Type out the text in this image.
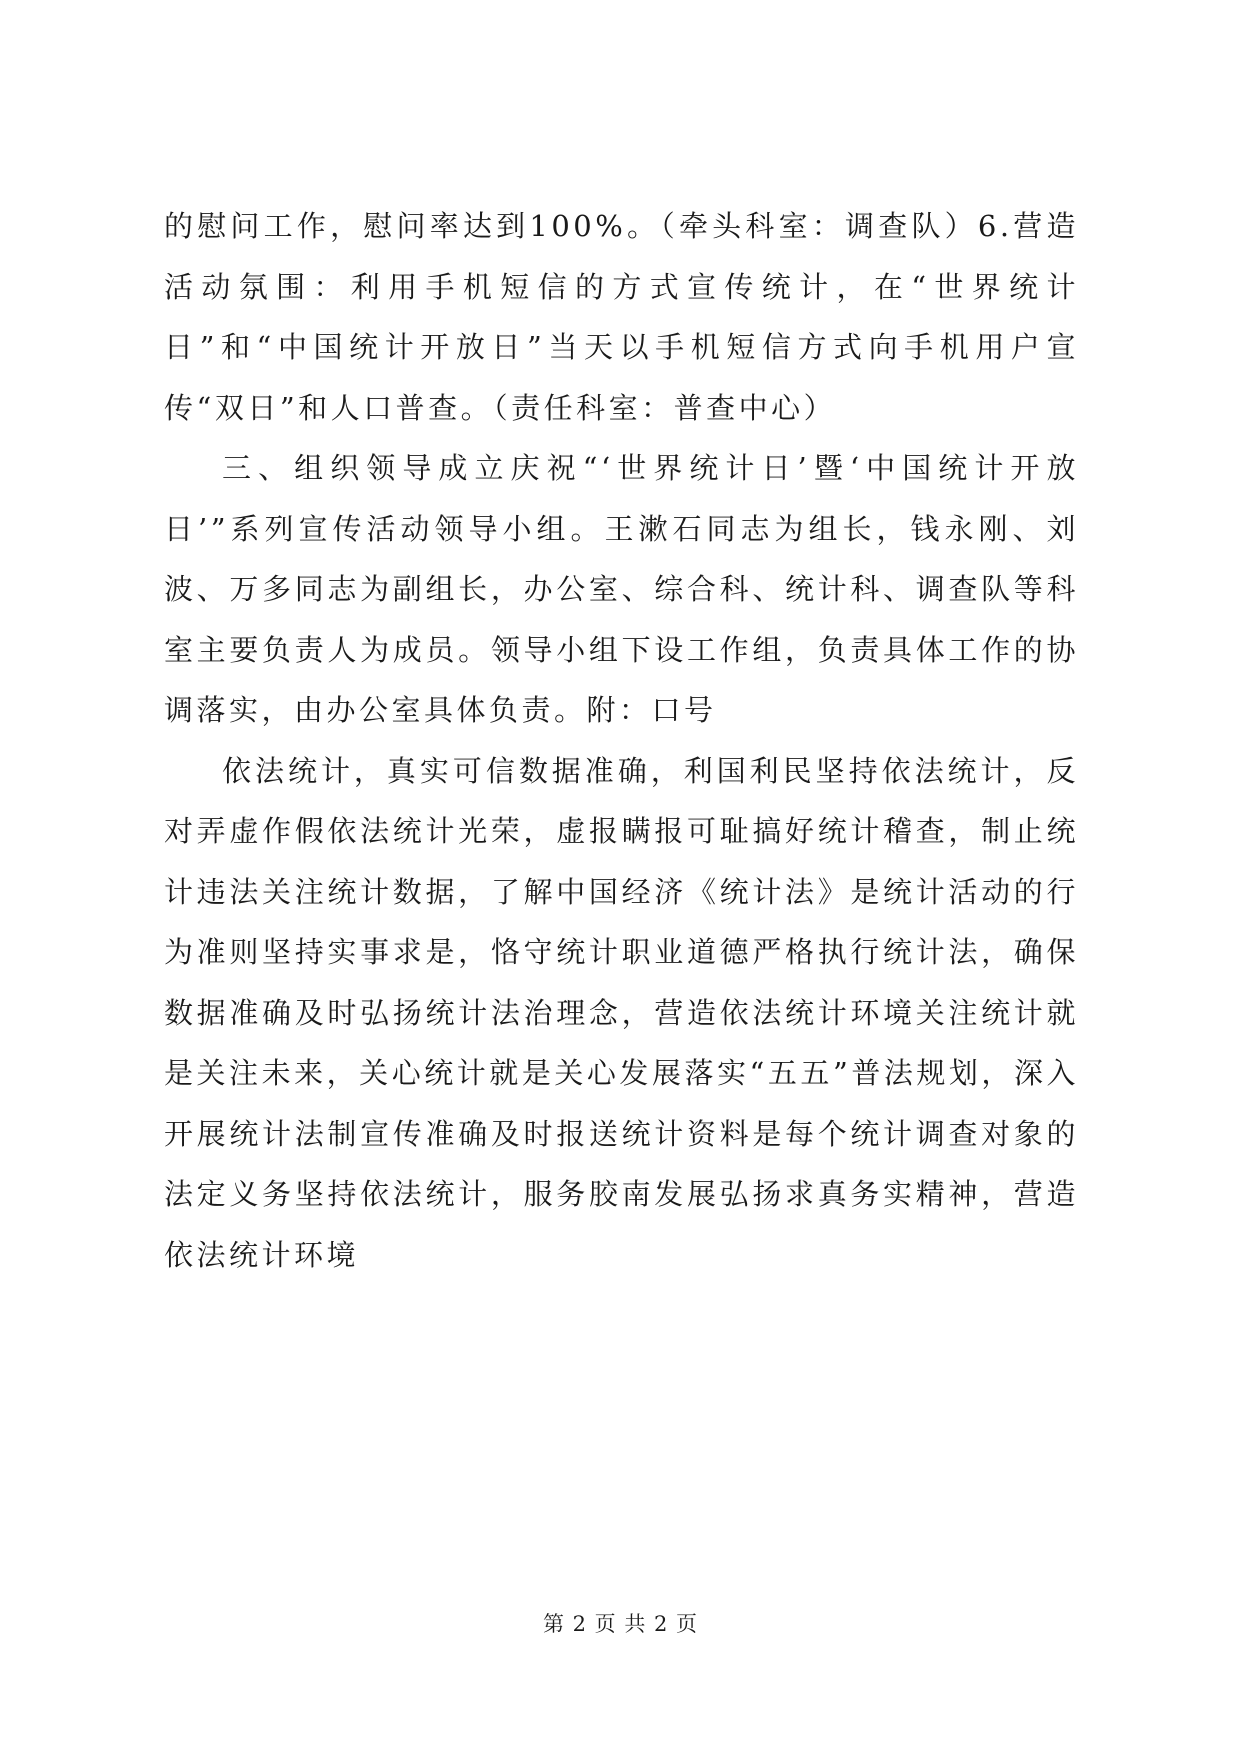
的慰问工作，慰问率达到100%。（牵头科室：调查队）6.营造活动氛围：利用手机短信的方式宣传统计，在“世界统计日”和“中国统计开放日”当天以手机短信方式向手机用户宣传“双日”和人口普查。（责任科室：普查中心）

三、组织领导成立庆祝“‘世界统计日’暨‘中国统计开放日’”系列宣传活动领导小组。王漱石同志为组长，钱永刚、刘波、万多同志为副组长，办公室、综合科、统计科、调查队等科室主要负责人为成员。领导小组下设工作组，负责具体工作的协调落实，由办公室具体负责。附：口号

依法统计，真实可信数据准确，利国利民坚持依法统计，反对弄虚作假依法统计光荣，虚报瞒报可耻搞好统计稽查，制止统计违法关注统计数据，了解中国经济《统计法》是统计活动的行为准则坚持实事求是，恪守统计职业道德严格执行统计法，确保数据准确及时弘扬统计法治理念，营造依法统计环境关注统计就是关注未来，关心统计就是关心发展落实“五五”普法规划，深入开展统计法制宣传准确及时报送统计资料是每个统计调查对象的法定义务坚持依法统计，服务胶南发展弘扬求真务实精神，营造依法统计环境

第 2 页 共 2 页
